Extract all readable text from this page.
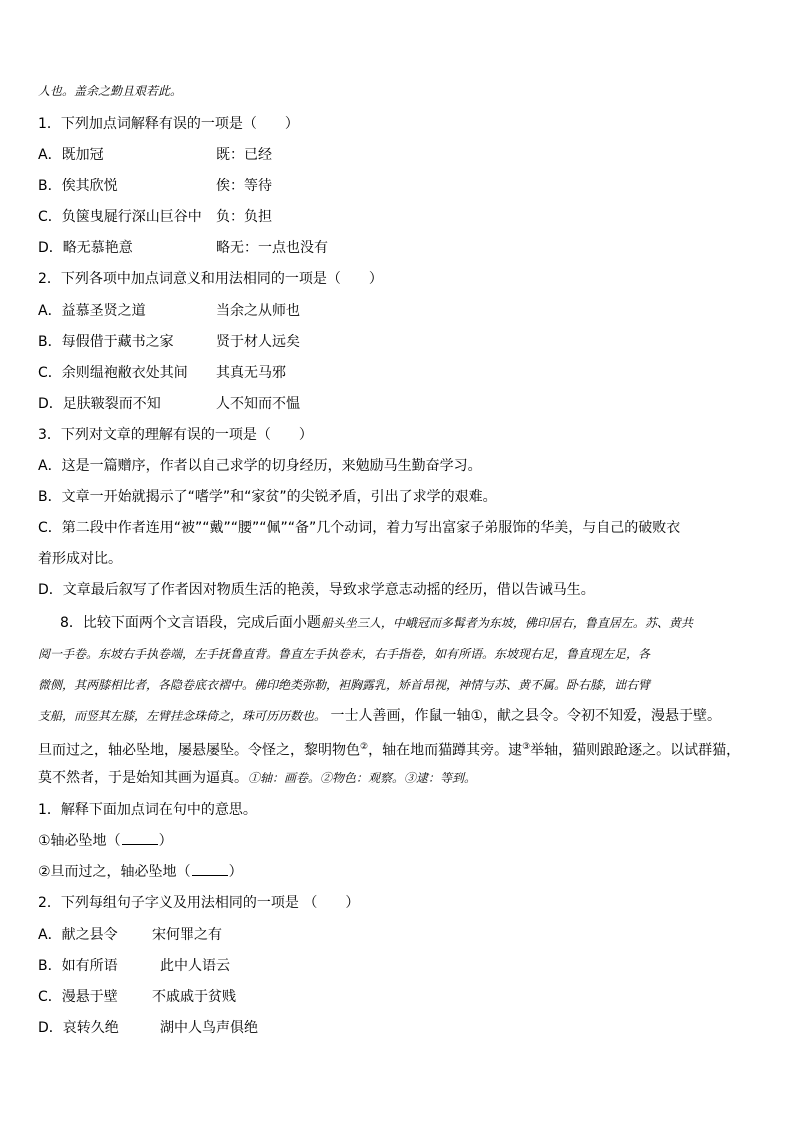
人也。盖余之勤且艰若此。
1．下列加点词解释有误的一项是（　　）
A．既加冠	既：已经
B．俟其欣悦	俟：等待
C．负箧曳屣行深山巨谷中 负：负担
D．略无慕艳意	略无：一点也没有
2．下列各项中加点词意义和用法相同的一项是（　　）
A．益慕圣贤之道	当余之从师也
B．每假借于藏书之家	贤于材人远矣
C．余则缊袍敝衣处其间 其真无马邪
D．足肤皲裂而不知	人不知而不愠
3．下列对文章的理解有误的一项是（　　）
A．这是一篇赠序，作者以自己求学的切身经历，来勉励马生勤奋学习。
B．文章一开始就揭示了“嗜学”和“家贫”的尖锐矛盾，引出了求学的艰难。
C．第二段中作者连用“被”“戴”“腰”“佩”“备”几个动词，着力写出富家子弟服饰的华美，与自己的破败衣
着形成对比。
D．文章最后叙写了作者因对物质生活的艳羡，导致求学意志动摇的经历，借以告诫马生。
8．比较下面两个文言语段，完成后面小题船头坐三人，中峨冠而多髯者为东坡，佛印居右，鲁直居左。苏、黄共
阅一手卷。东坡右手执卷端，左手抚鲁直背。鲁直左手执卷末，右手指卷，如有所语。东坡现右足，鲁直现左足，各
微侧，其两膝相比者，各隐卷底衣褶中。佛印绝类弥勒，袒胸露乳，矫首昂视，神情与苏、黄不属。卧右膝，诎右臂
支船，而竖其左膝，左臂挂念珠倚之，珠可历历数也。 一士人善画，作鼠一轴①，献之县令。令初不知爱，漫悬于壁。
旦而过之，轴必坠地，屡悬屡坠。令怪之，黎明物色②，轴在地而猫蹲其旁。逮③举轴，猫则踉跄逐之。以试群猫，
莫不然者，于是始知其画为逼真。①轴：画卷。②物色：观察。③逮：等到。
1．解释下面加点词在句中的意思。
①轴必坠地（	）
②旦而过之，轴必坠地（	）
2．下列每组句子字义及用法相同的一项是 （　　）
A．献之县令 宋何罪之有
B．如有所语	此中人语云
C．漫悬于壁 不戚戚于贫贱
D．哀转久绝	湖中人鸟声俱绝
